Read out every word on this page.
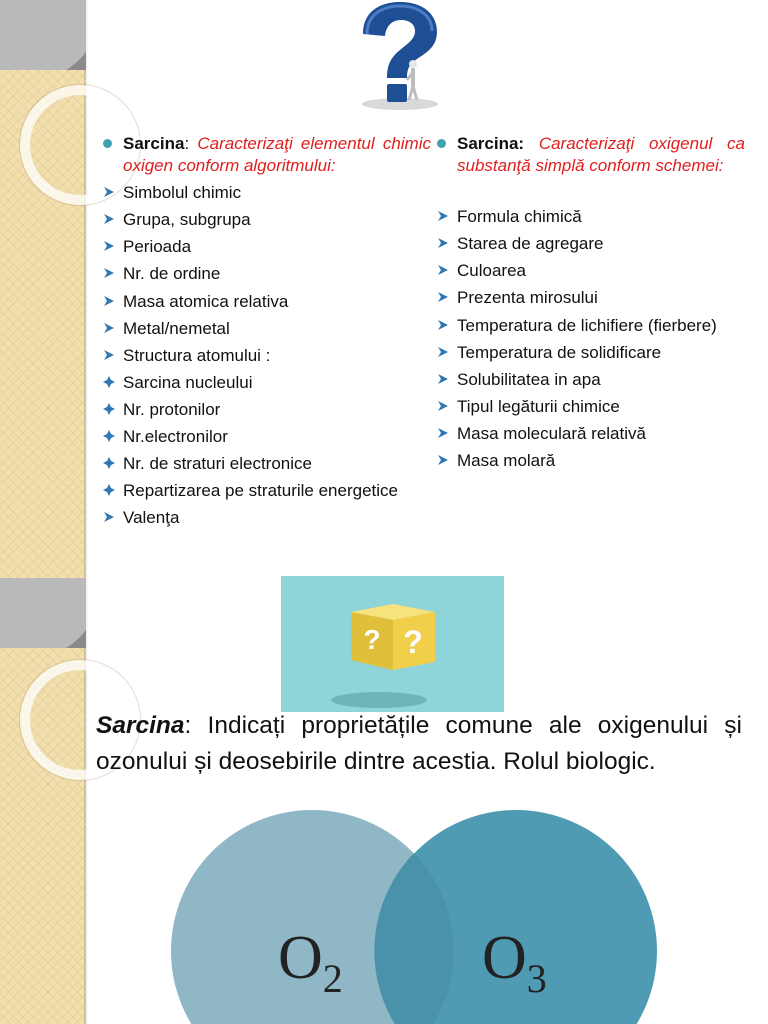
Sarcina: Caracterizaţi elementul chimic oxigen conform algoritmului:
Simbolul chimic
Grupa, subgrupa
Perioada
Nr. de ordine
Masa atomica relativa
Metal/nemetal
Structura atomului :
Sarcina nucleului
Nr. protonilor
Nr.electronilor
Nr. de straturi electronice
Repartizarea pe straturile energetice
Valenţa
Sarcina: Caracterizaţi oxigenul ca substanţă simplă conform schemei:
Formula chimică
Starea de agregare
Culoarea
Prezenta mirosului
Temperatura de lichifiere (fierbere)
Temperatura de solidificare
Solubilitatea in apa
Tipul legăturii chimice
Masa moleculară relativă
Masa molară
? ?
Sarcina: Indicați proprietățile comune ale oxigenului și ozonului și deosebirile dintre acestia. Rolul biologic.
$O_2$ $O_3$
